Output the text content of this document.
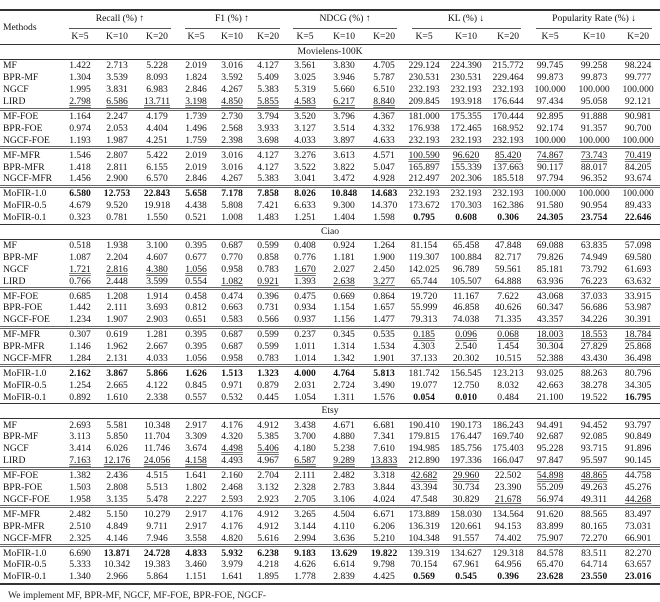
Methods	Recall (%) ↑			F1 (%) ↑			NDCG (%) ↑			KL (%) ↓			Popularity Rate (%) ↓		
	K=5	K=10	K=20	K=5	K=10	K=20	K=5	K=10	K=20	K=5	K=10	K=20	K=5	K=10	K=20
Movielens-100K															
MF	1.422	2.713	5.228	2.019	3.016	4.127	3.561	3.830	4.705	229.124	224.390	215.772	99.745	99.258	98.224
BPR-MF	1.304	3.539	8.093	1.824	3.592	5.409	3.025	3.946	5.787	230.531	230.531	229.464	99.873	99.873	99.777
NGCF	1.995	3.831	6.983	2.846	4.267	5.383	5.319	5.660	6.510	232.193	232.193	232.193	100.000	100.000	100.000
LIRD	2.798	6.586	13.711	3.198	4.850	5.855	4.583	6.217	8.840	209.845	193.918	176.644	97.434	95.058	92.121
MF-FOE	1.164	2.247	4.179	1.739	2.730	3.794	3.520	3.796	4.367	181.000	175.355	170.444	92.895	91.888	90.981
BPR-FOE	0.974	2.053	4.404	1.496	2.568	3.933	3.127	3.514	4.332	176.938	172.465	168.952	92.174	91.357	90.700
NGCF-FOE	1.193	1.987	4.251	1.759	2.398	3.698	4.033	3.897	4.633	232.193	232.193	232.193	100.000	100.000	100.000
MF-MFR	1.546	2.807	5.422	2.019	3.016	4.127	3.276	3.613	4.571	100.590	96.620	85.420	74.867	73.743	70.419
BPR-MFR	1.418	2.811	6.155	2.019	3.016	4.127	3.522	3.822	5.047	165.897	155.339	137.663	90.117	88.017	84.205
NGCF-MFR	1.456	2.900	6.570	2.846	4.267	5.383	3.041	3.472	4.928	212.497	202.306	185.518	97.794	96.352	93.674
MoFIR-1.0	6.580	12.753	22.843	5.658	7.178	7.858	8.026	10.848	14.683	232.193	232.193	232.193	100.000	100.000	100.000
MoFIR-0.5	4.679	9.520	19.918	4.438	5.808	7.421	6.633	9.300	14.370	173.672	170.303	162.386	91.580	90.954	89.433
MoFIR-0.1	0.323	0.781	1.550	0.521	1.008	1.483	1.251	1.404	1.598	0.795	0.608	0.306	24.305	23.754	22.646
Ciao															
MF	0.518	1.938	3.100	0.395	0.687	0.599	0.408	0.924	1.264	81.154	65.458	47.848	69.088	63.835	57.098
BPR-MF	1.087	2.204	4.607	0.677	0.770	0.858	0.776	1.181	1.900	119.307	100.884	82.717	79.826	74.949	69.580
NGCF	1.721	2.816	4.380	1.056	0.958	0.783	1.670	2.027	2.450	142.025	96.789	59.561	85.181	73.792	61.693
LIRD	0.766	2.448	3.599	0.554	1.082	0.921	1.393	2.638	3.277	65.744	105.507	64.888	63.936	76.223	63.632
MF-FOE	0.685	1.208	1.914	0.458	0.474	0.396	0.475	0.669	0.864	19.720	11.167	7.622	43.068	37.033	33.915
BPR-FOE	1.442	2.111	3.693	0.812	0.663	0.731	0.934	1.154	1.657	55.999	46.858	40.626	60.347	56.686	53.987
NGCF-FOE	1.234	1.907	2.903	0.651	0.583	0.566	0.937	1.156	1.477	79.313	74.038	71.335	43.357	34.226	30.391
MF-MFR	0.307	0.619	1.281	0.395	0.687	0.599	0.237	0.345	0.535	0.185	0.096	0.068	18.003	18.553	18.784
BPR-MFR	1.146	1.962	2.667	0.395	0.687	0.599	1.011	1.314	1.534	4.303	2.540	1.454	30.304	27.829	25.868
NGCF-MFR	1.284	2.131	4.033	1.056	0.958	0.783	1.014	1.342	1.901	37.133	20.302	10.515	52.388	43.430	36.498
MoFIR-1.0	2.162	3.867	5.866	1.626	1.513	1.323	4.000	4.764	5.813	181.742	156.545	123.213	93.025	88.263	80.796
MoFIR-0.5	1.254	2.665	4.122	0.845	0.971	0.879	2.031	2.724	3.490	19.077	12.750	8.032	42.663	38.278	34.305
MoFIR-0.1	0.892	1.610	2.338	0.557	0.532	0.445	1.054	1.311	1.576	0.054	0.010	0.484	21.100	19.522	16.795
Etsy															
MF	2.693	5.581	10.348	2.917	4.176	4.912	3.438	4.671	6.681	190.410	190.173	186.243	94.491	94.452	93.797
BPR-MF	3.113	5.850	11.704	3.309	4.320	5.385	3.700	4.880	7.341	179.815	176.447	169.740	92.687	92.085	90.849
NGCF	3.414	6.026	11.746	3.674	4.498	5.406	4.180	5.238	7.610	194.985	185.756	175.403	95.228	93.715	91.896
LIRD	7.163	12.176	24.056	4.158	4.493	4.967	6.587	9.289	13.833	212.890	197.336	166.047	97.847	95.597	90.145
MF-FOE	1.382	2.436	4.515	1.641	2.160	2.704	2.111	2.482	3.318	42.682	29.960	22.502	54.898	48.865	44.758
BPR-FOE	1.503	2.808	5.513	1.802	2.468	3.132	2.328	2.783	3.844	43.394	30.734	23.390	55.209	49.263	45.276
NGCF-FOE	1.958	3.135	5.478	2.227	2.593	2.923	2.705	3.106	4.024	47.548	30.829	21.678	56.974	49.311	44.268
MF-MFR	2.482	5.150	10.279	2.917	4.176	4.912	3.265	4.504	6.671	173.889	158.030	134.564	91.620	88.565	83.497
BPR-MFR	2.510	4.849	9.711	2.917	4.176	4.912	3.144	4.110	6.206	136.319	120.661	94.153	83.899	80.165	73.031
NGCF-MFR	2.325	4.146	7.946	3.558	4.820	5.616	2.994	3.636	5.210	104.348	91.557	74.402	75.907	72.270	66.901
MoFIR-1.0	6.690	13.871	24.728	4.833	5.932	6.238	9.183	13.629	19.822	139.319	134.627	129.318	84.578	83.511	82.270
MoFIR-0.5	5.333	10.342	19.383	3.460	3.979	4.218	4.626	6.614	9.798	70.154	67.961	64.956	65.470	64.714	63.657
MoFIR-0.1	1.340	2.966	5.864	1.151	1.641	1.895	1.778	2.839	4.425	0.569	0.545	0.396	23.628	23.550	23.016
We implement MF, BPR-MF, NGCF, MF-FOE, BPR-FOE, NGCF-
